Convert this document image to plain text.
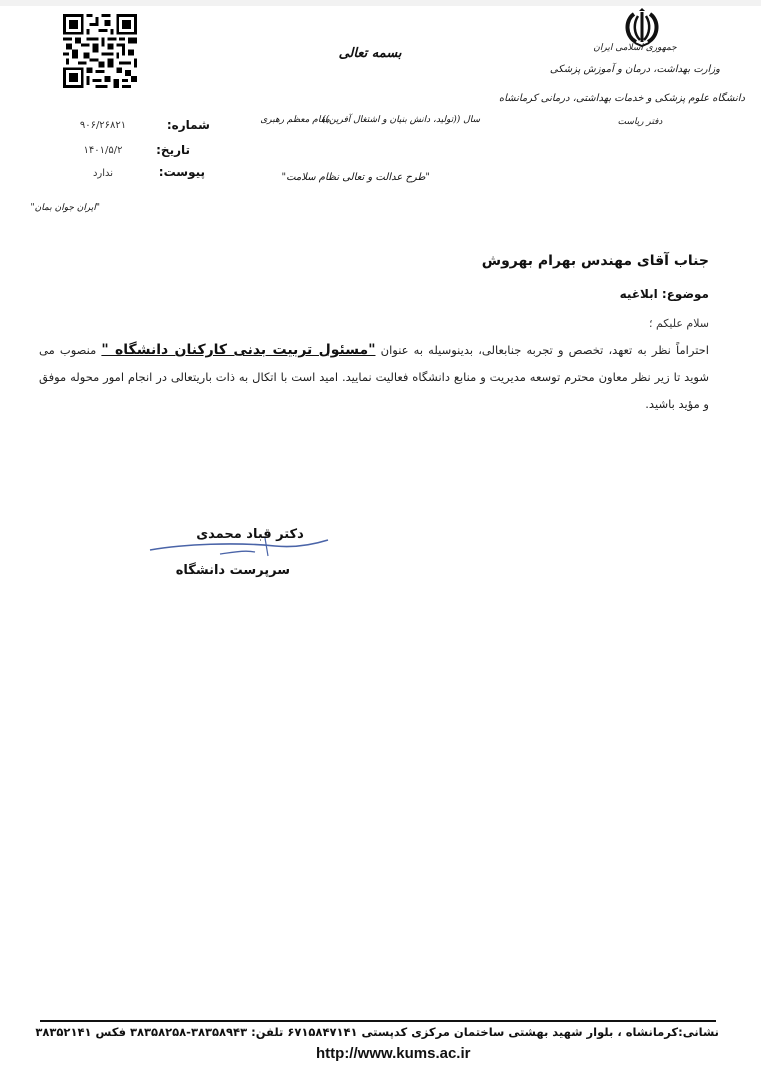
جمهوری اسلامی ایران
وزارت بهداشت، درمان و آموزش پزشکی
دانشگاه علوم پزشکی و خدمات بهداشتی، درمانی کرمانشاه
دفتر ریاست
بسمه تعالی
سال ((تولید، دانش بنیان و اشتغال آفرین))
مقام معظم رهبری
"طرح عدالت و تعالی نظام سلامت"
شماره:
۹۰۶/۲۶۸۲۱
تاریخ:
۱۴۰۱/۵/۲
پیوست:
ندارد
"ایران جوان بمان"
جناب آقای مهندس بهرام بهروش
موضوع: ابلاغیه
سلام علیکم ؛
احتراماً نظر به تعهد، تخصص و تجربه جنابعالی، بدینوسیله به عنوان "مسئول تربیت بدنی کارکنان دانشگاه " منصوب می شوید تا زیر نظر معاون محترم توسعه مدیریت و منابع دانشگاه فعالیت نمایید. امید است با اتکال به ذات باریتعالی در انجام امور محوله موفق و مؤید باشید.
دکتر قباد محمدی
سرپرست دانشگاه
نشانی:کرمانشاه ، بلوار شهید بهشتی ساختمان مرکزی کدپستی ۶۷۱۵۸۴۷۱۴۱ تلفن: ۳۸۳۵۸۹۴۳-۳۸۳۵۸۲۵۸ فکس ۳۸۳۵۲۱۴۱
http://www.kums.ac.ir
